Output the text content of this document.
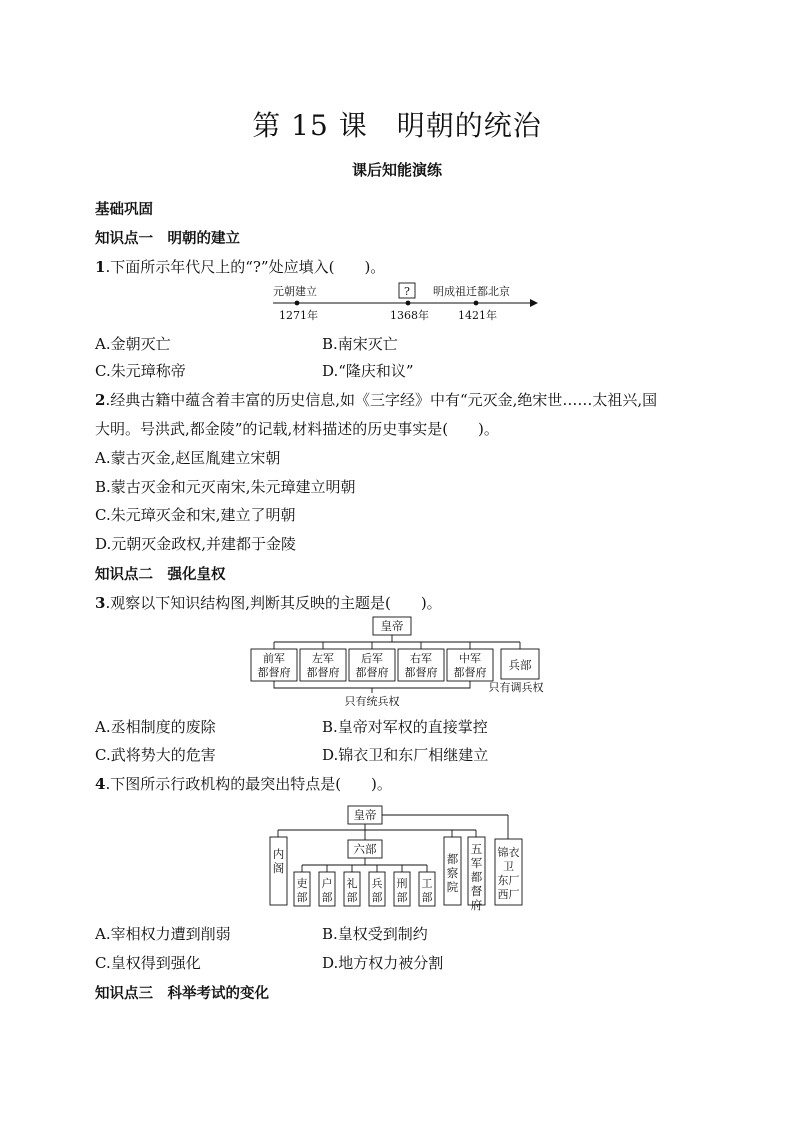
第 15 课　明朝的统治
课后知能演练
基础巩固
知识点一　明朝的建立
1.下面所示年代尺上的“?”处应填入(　　)。
元朝建立	? 明成祖迁都北京
1271年	1368年	1421年
A.金朝灭亡	B.南宋灭亡
C.朱元璋称帝	D.“隆庆和议”
2.经典古籍中蕴含着丰富的历史信息,如《三字经》中有“元灭金,绝宋世……太祖兴,国
大明。号洪武,都金陵”的记载,材料描述的历史事实是(　　)。
A.蒙古灭金,赵匡胤建立宋朝
B.蒙古灭金和元灭南宋,朱元璋建立明朝
C.朱元璋灭金和宋,建立了明朝
D.元朝灭金政权,并建都于金陵
知识点二　强化皇权
3.观察以下知识结构图,判断其反映的主题是(　　)。
皇帝
前军
都督府
左军
都督府
后军
都督府
右军
都督府
中军
都督府
兵部
只有统兵权
只有调兵权
A.丞相制度的废除	B.皇帝对军权的直接掌控
C.武将势大的危害	D.锦衣卫和东厂相继建立
4.下图所示行政机构的最突出特点是(　　)。
皇帝
六部
内阁
吏部
户部
礼部
兵部
刑部
工部
都察院
五军都督府
锦衣
卫
东厂
西厂
A.宰相权力遭到削弱	B.皇权受到制约
C.皇权得到强化	D.地方权力被分割
知识点三　科举考试的变化
